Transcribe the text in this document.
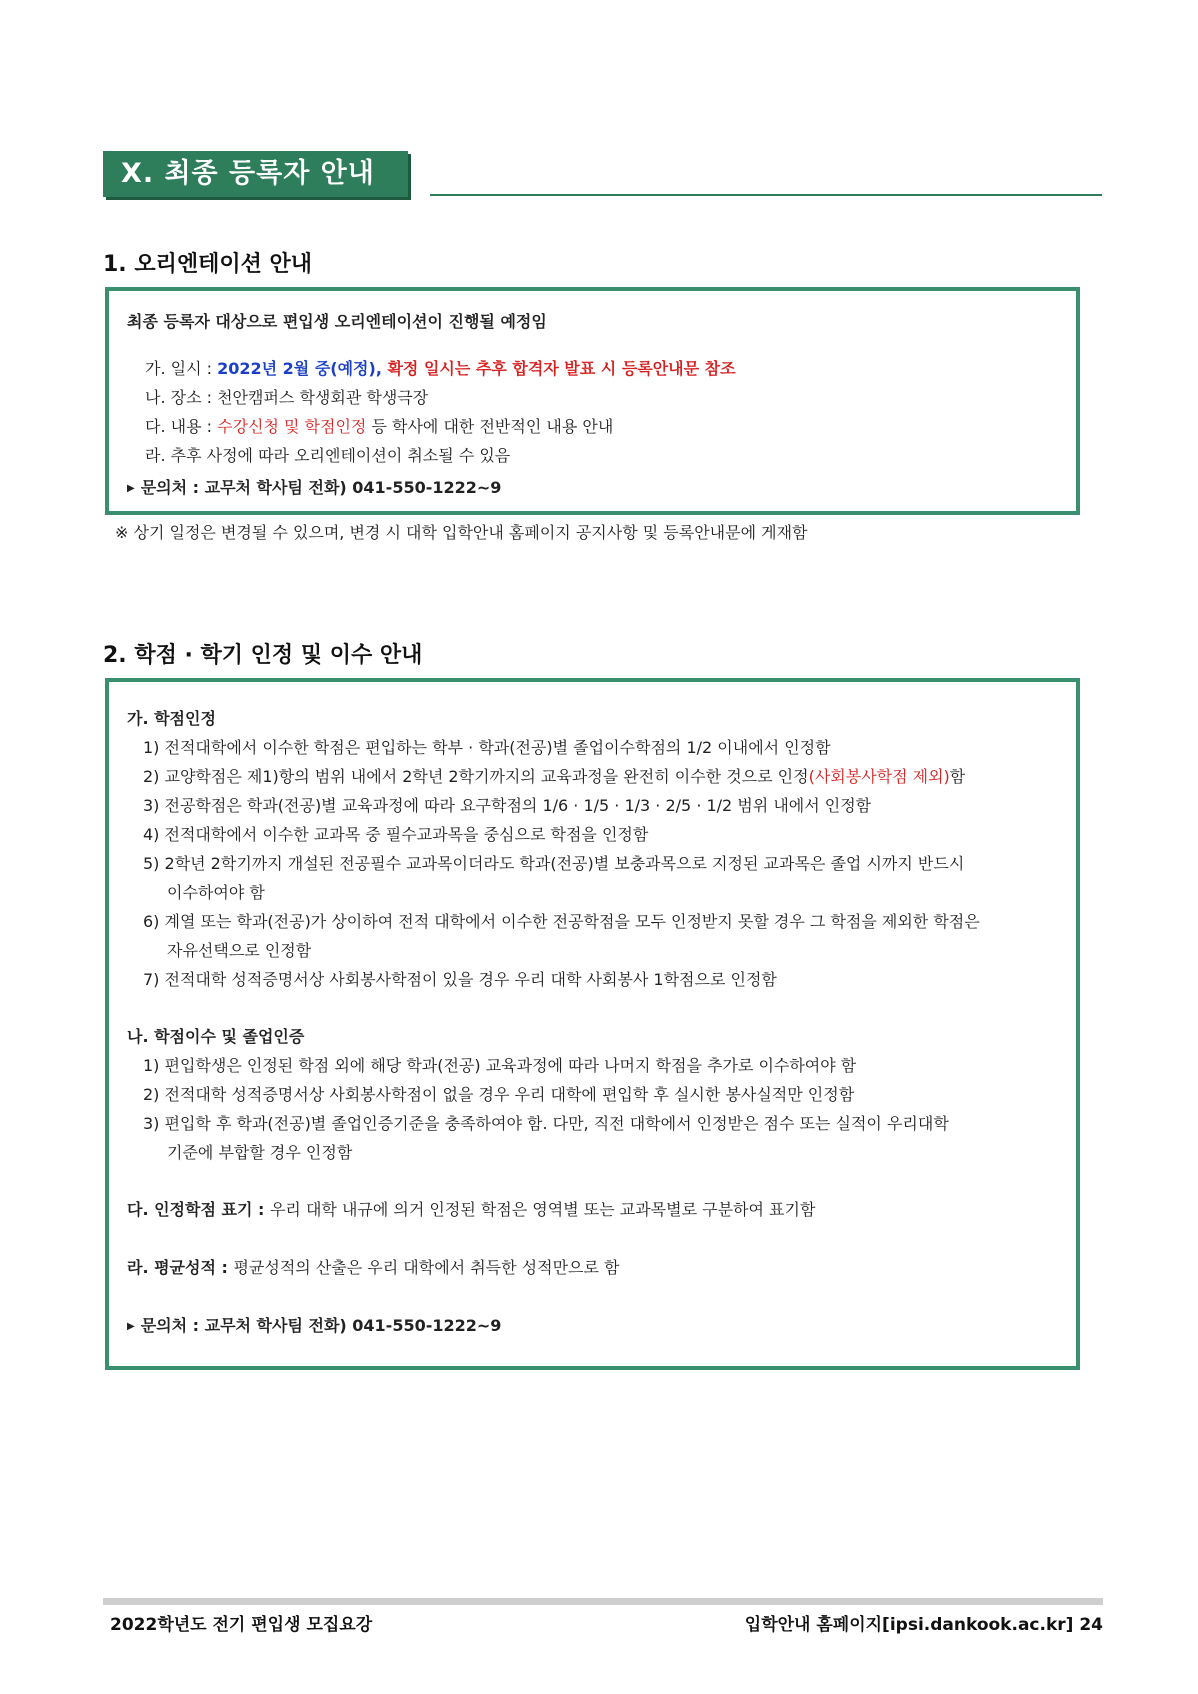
X. 최종 등록자 안내
1. 오리엔테이션 안내
최종 등록자 대상으로 편입생 오리엔테이션이 진행될 예정임
가. 일시 : 2022년 2월 중(예정), 확정 일시는 추후 합격자 발표 시 등록안내문 참조
나. 장소 : 천안캠퍼스 학생회관 학생극장
다. 내용 : 수강신청 및 학점인정 등 학사에 대한 전반적인 내용 안내
라. 추후 사정에 따라 오리엔테이션이 취소될 수 있음
▶ 문의처 : 교무처 학사팀 전화) 041-550-1222~9
※ 상기 일정은 변경될 수 있으며, 변경 시 대학 입학안내 홈페이지 공지사항 및 등록안내문에 게재함
2. 학점 · 학기 인정 및 이수 안내
가. 학점인정
1) 전적대학에서 이수한 학점은 편입하는 학부 · 학과(전공)별 졸업이수학점의 1/2 이내에서 인정함
2) 교양학점은 제1)항의 범위 내에서 2학년 2학기까지의 교육과정을 완전히 이수한 것으로 인정(사회봉사학점 제외)함
3) 전공학점은 학과(전공)별 교육과정에 따라 요구학점의 1/6 · 1/5 · 1/3 · 2/5 · 1/2 범위 내에서 인정함
4) 전적대학에서 이수한 교과목 중 필수교과목을 중심으로 학점을 인정함
5) 2학년 2학기까지 개설된 전공필수 교과목이더라도 학과(전공)별 보충과목으로 지정된 교과목은 졸업 시까지 반드시
이수하여야 함
6) 계열 또는 학과(전공)가 상이하여 전적 대학에서 이수한 전공학점을 모두 인정받지 못할 경우 그 학점을 제외한 학점은
자유선택으로 인정함
7) 전적대학 성적증명서상 사회봉사학점이 있을 경우 우리 대학 사회봉사 1학점으로 인정함
나. 학점이수 및 졸업인증
1) 편입학생은 인정된 학점 외에 해당 학과(전공) 교육과정에 따라 나머지 학점을 추가로 이수하여야 함
2) 전적대학 성적증명서상 사회봉사학점이 없을 경우 우리 대학에 편입학 후 실시한 봉사실적만 인정함
3) 편입학 후 학과(전공)별 졸업인증기준을 충족하여야 함. 다만, 직전 대학에서 인정받은 점수 또는 실적이 우리대학
기준에 부합할 경우 인정함
다. 인정학점 표기 : 우리 대학 내규에 의거 인정된 학점은 영역별 또는 교과목별로 구분하여 표기함
라. 평균성적 : 평균성적의 산출은 우리 대학에서 취득한 성적만으로 함
▶ 문의처 : 교무처 학사팀 전화) 041-550-1222~9
2022학년도 전기 편입생 모집요강	입학안내 홈페이지[ipsi.dankook.ac.kr] 24
